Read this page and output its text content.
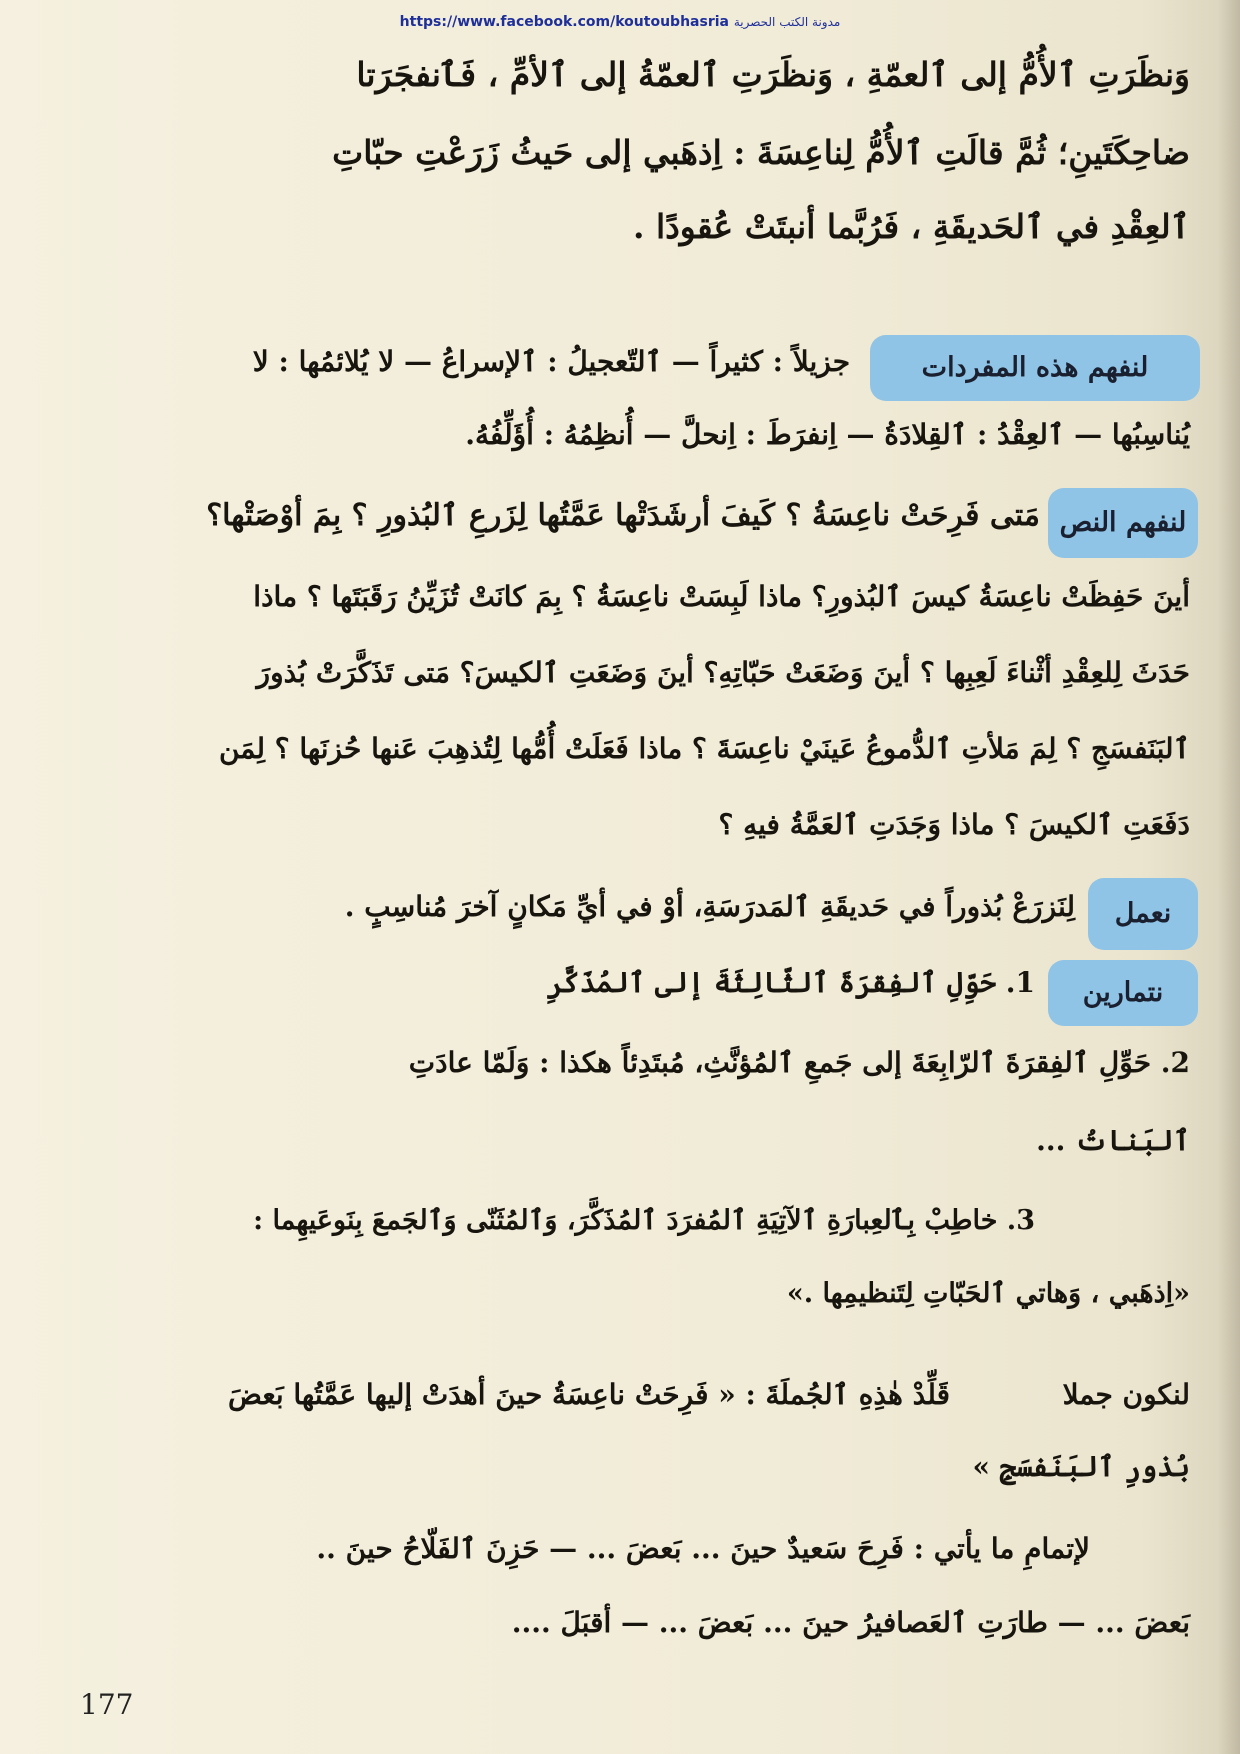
https://www.facebook.com/koutoubhasria مدونة الكتب الحصرية
وَنظَرَتِ ٱلأُمُّ إلى ٱلعمّةِ ، وَنظَرَتِ ٱلعمّةُ إلى ٱلأمِّ ، فَٱنفجَرَتا
ضاحِكَتَينِ؛ ثُمَّ قالَتِ ٱلأُمُّ لِناعِسَةَ : اِذهَبي إلى حَيثُ زَرَعْتِ حبّاتِ
ٱلعِقْدِ في ٱلحَديقَةِ ، فَرُبَّما أنبتَتْ عُقودًا .
لنفهم هذه المفردات
جزيلاً : كثيراً — ٱلتّعجيلُ : ٱلإسراعُ — لا يُلائمُها : لا
يُناسِبُها — ٱلعِقْدُ : ٱلقِلادَةُ — اِنفرَطَ : اِنحلَّ — أُنظِمُهُ : أُؤَلِّفُهُ.
لنفهم النص
مَتى فَرِحَتْ ناعِسَةُ ؟ كَيفَ أرشَدَتْها عَمَّتُها لِزَرعِ ٱلبُذورِ ؟ بِمَ أوْصَتْها؟
أينَ حَفِظَتْ ناعِسَةُ كيسَ ٱلبُذورِ؟ ماذا لَبِسَتْ ناعِسَةُ ؟ بِمَ كانَتْ تُزَيِّنُ رَقَبَتَها ؟ ماذا
حَدَثَ لِلعِقْدِ أثْناءَ لَعِبِها ؟ أينَ وَضَعَتْ حَبّاتِهِ؟ أينَ وَضَعَتِ ٱلكيسَ؟ مَتى تَذَكَّرَتْ بُذورَ
ٱلبَنَفسَجِ ؟ لِمَ مَلأتِ ٱلدُّموعُ عَينَيْ ناعِسَةَ ؟ ماذا فَعَلَتْ أُمُّها لِتُذهِبَ عَنها حُزنَها ؟ لِمَن
دَفَعَتِ ٱلكيسَ ؟ ماذا وَجَدَتِ ٱلعَمَّةُ فيهِ ؟
نعمل
لِنَزرَعْ بُذوراً في حَديقَةِ ٱلمَدرَسَةِ، أوْ في أيِّ مَكانٍ آخرَ مُناسِبٍ .
نتمارين
1. حَوِّلِ ٱلفِقرَةَ ٱلثّالِثَةَ إلى ٱلمُذَكَّرِ
2. حَوِّلِ ٱلفِقرَةَ ٱلرّابِعَةَ إلى جَمعِ ٱلمُؤنَّثِ، مُبتَدِئاً هكذا : وَلَمّا عادَتِ
ٱلبَناتُ ...
3. خاطِبْ بِٱلعِبارَةِ ٱلآتِيَةِ ٱلمُفرَدَ ٱلمُذَكَّرَ، وَٱلمُثَنّى وَٱلجَمعَ بِنَوعَيهِما :
«اِذهَبي ، وَهاتي ٱلحَبّاتِ لِتَنظيمِها .»
لنكون جملا
قَلِّدْ هٰذِهِ ٱلجُملَةَ : « فَرِحَتْ ناعِسَةُ حينَ أهدَتْ إليها عَمَّتُها بَعضَ
بُذورِ ٱلبَنَفسَجِ »
لإتمامِ ما يأتي : فَرِحَ سَعيدٌ حينَ ... بَعضَ ... — حَزِنَ ٱلفَلّاحُ حينَ ..
بَعضَ ... — طارَتِ ٱلعَصافيرُ حينَ ... بَعضَ ... — أقبَلَ ....
177
